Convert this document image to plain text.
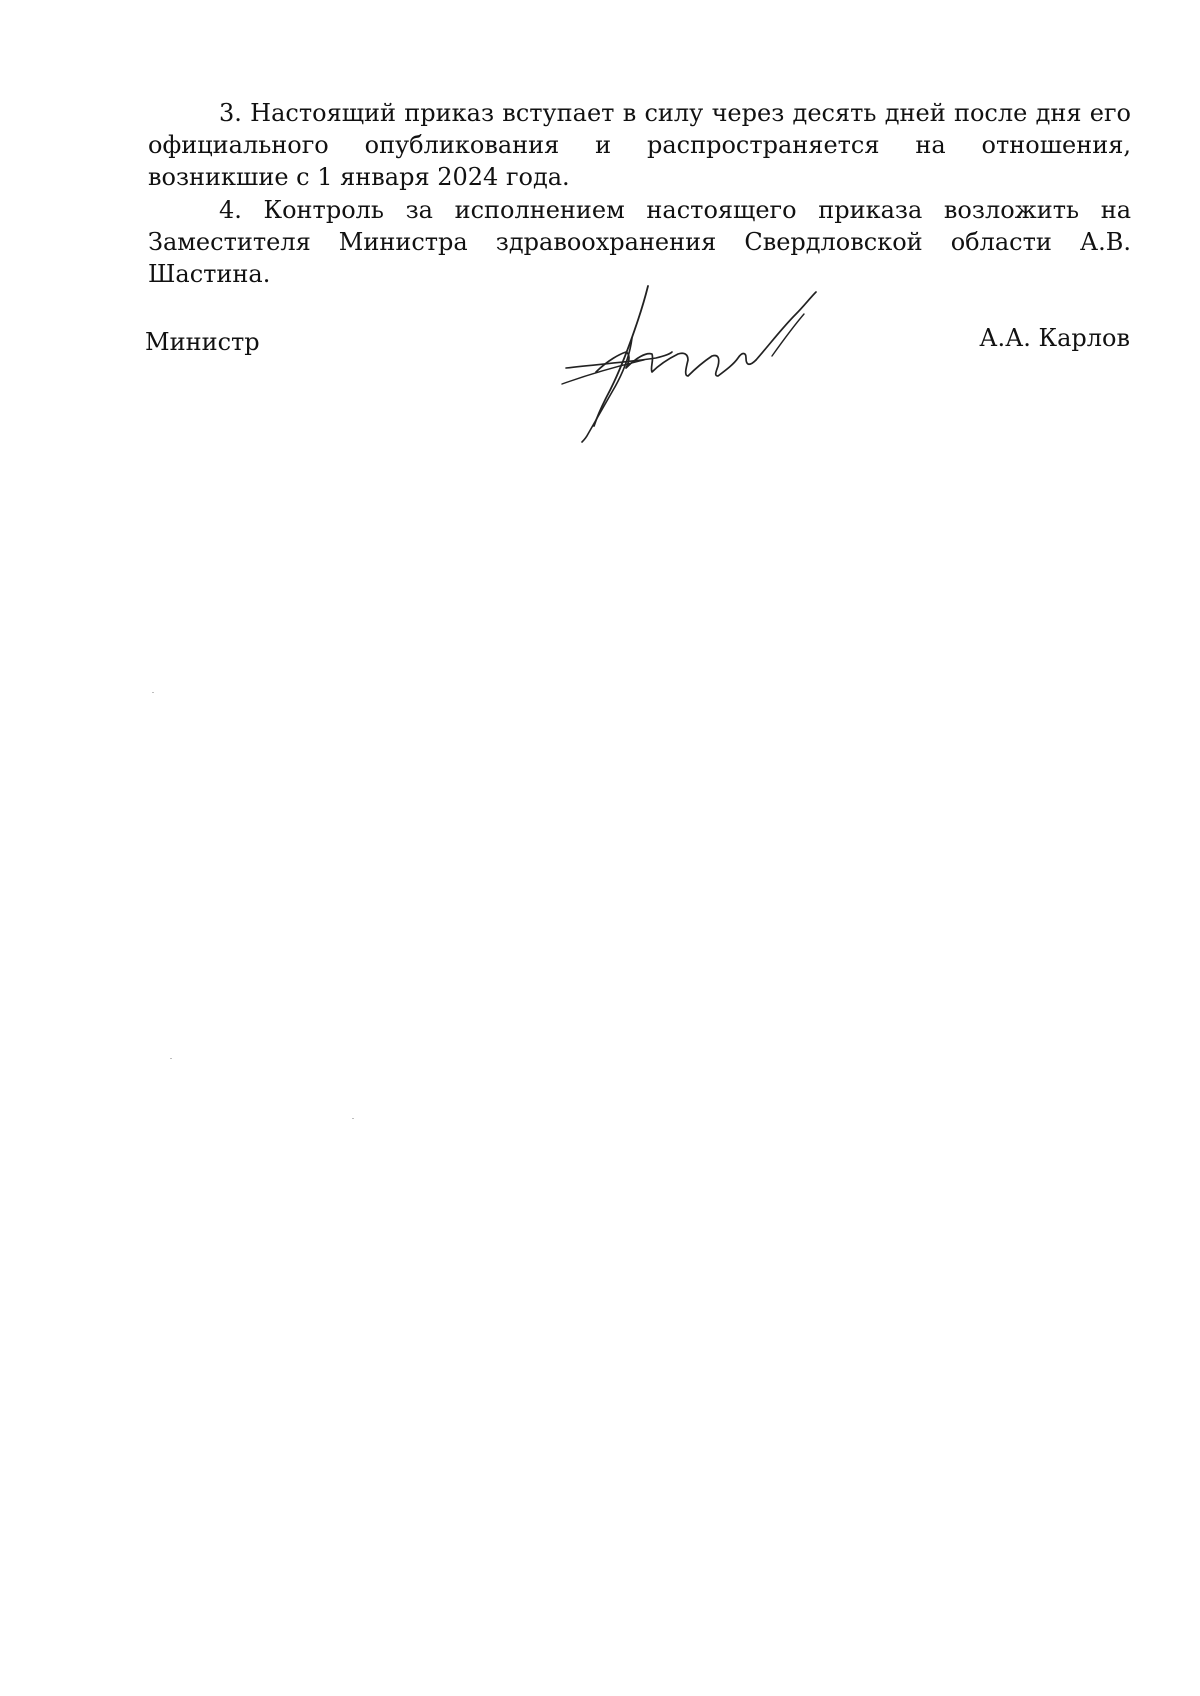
3. Настоящий приказ вступает в силу через десять дней после дня его официального опубликования и распространяется на отношения, возникшие с 1 января 2024 года.

4. Контроль за исполнением настоящего приказа возложить на Заместителя Министра здравоохранения Свердловской области А.В. Шастина.

Министр	А.А. Карлов
